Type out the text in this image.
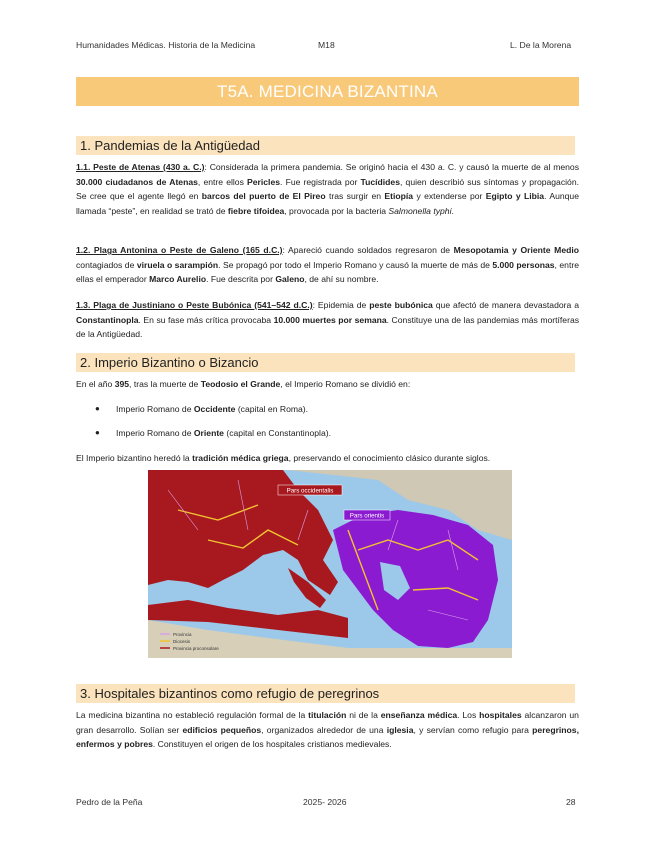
Humanidades Médicas. Historia de la Medicina	M18	L. De la Morena
T5A. MEDICINA BIZANTINA
1. Pandemias de la Antigüedad
1.1. Peste de Atenas (430 a. C.): Considerada la primera pandemia. Se originó hacia el 430 a. C. y causó la muerte de al menos 30.000 ciudadanos de Atenas, entre ellos Pericles. Fue registrada por Tucídides, quien describió sus síntomas y propagación. Se cree que el agente llegó en barcos del puerto de El Pireo tras surgir en Etiopía y extenderse por Egipto y Libia. Aunque llamada “peste”, en realidad se trató de fiebre tifoidea, provocada por la bacteria Salmonella typhi.
1.2. Plaga Antonina o Peste de Galeno (165 d.C.): Apareció cuando soldados regresaron de Mesopotamia y Oriente Medio contagiados de viruela o sarampión. Se propagó por todo el Imperio Romano y causó la muerte de más de 5.000 personas, entre ellas el emperador Marco Aurelio. Fue descrita por Galeno, de ahí su nombre.
1.3. Plaga de Justiniano o Peste Bubónica (541–542 d.C.): Epidemia de peste bubónica que afectó de manera devastadora a Constantinopla. En su fase más crítica provocaba 10.000 muertes por semana. Constituye una de las pandemias más mortíferas de la Antigüedad.
2. Imperio Bizantino o Bizancio
En el año 395, tras la muerte de Teodosio el Grande, el Imperio Romano se dividió en:
● Imperio Romano de Occidente (capital en Roma).
● Imperio Romano de Oriente (capital en Constantinopla).
El Imperio bizantino heredó la tradición médica griega, preservando el conocimiento clásico durante siglos.
Pars occidentalis
Pars orientis
Provincia
Diocesis
Provincia proconsolare
3. Hospitales bizantinos como refugio de peregrinos
La medicina bizantina no estableció regulación formal de la titulación ni de la enseñanza médica. Los hospitales alcanzaron un gran desarrollo. Solían ser edificios pequeños, organizados alrededor de una iglesia, y servían como refugio para peregrinos, enfermos y pobres. Constituyen el origen de los hospitales cristianos medievales.
Pedro de la Peña	2025- 2026	28
